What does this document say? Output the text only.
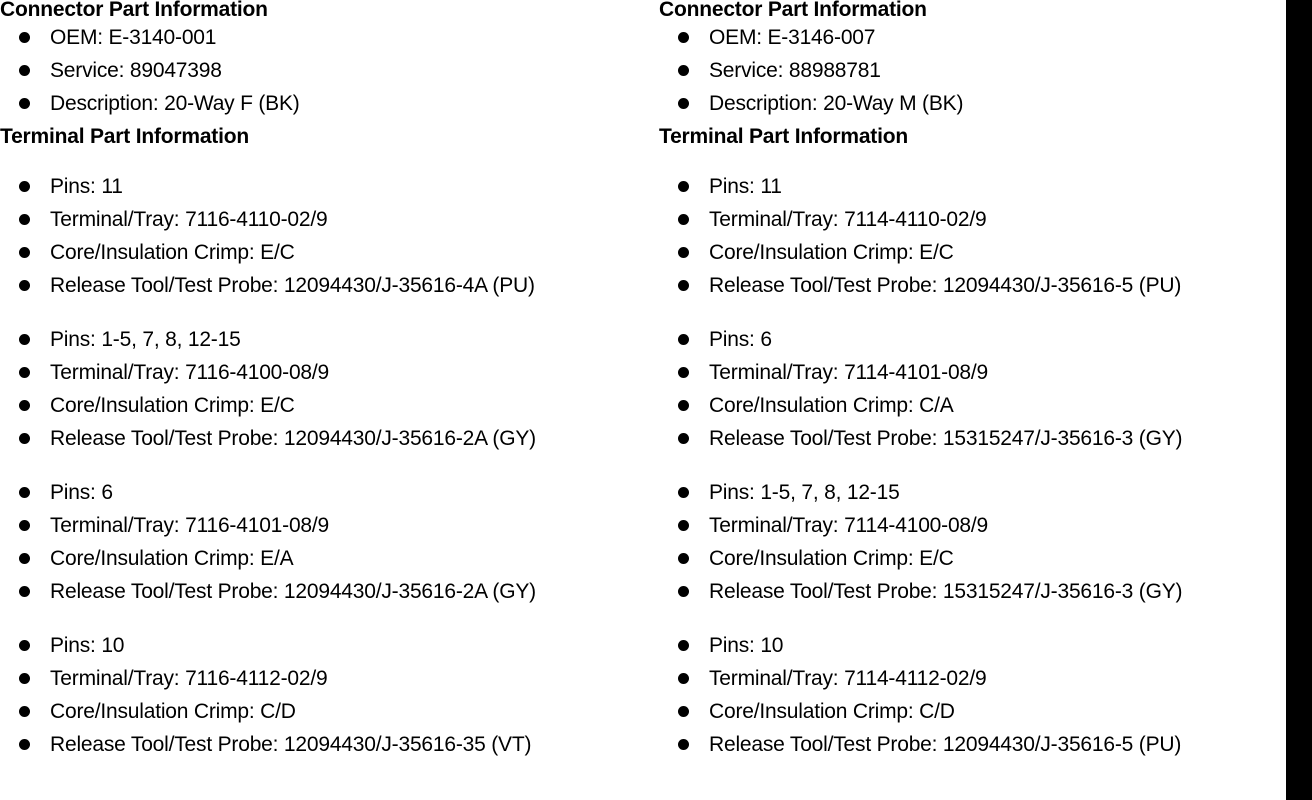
Connector Part Information
OEM: E-3140-001
Service: 89047398
Description: 20-Way F (BK)
Terminal Part Information
Pins: 11
Terminal/Tray: 7116-4110-02/9
Core/Insulation Crimp: E/C
Release Tool/Test Probe: 12094430/J-35616-4A (PU)
Pins: 1-5, 7, 8, 12-15
Terminal/Tray: 7116-4100-08/9
Core/Insulation Crimp: E/C
Release Tool/Test Probe: 12094430/J-35616-2A (GY)
Pins: 6
Terminal/Tray: 7116-4101-08/9
Core/Insulation Crimp: E/A
Release Tool/Test Probe: 12094430/J-35616-2A (GY)
Pins: 10
Terminal/Tray: 7116-4112-02/9
Core/Insulation Crimp: C/D
Release Tool/Test Probe: 12094430/J-35616-35 (VT)
Connector Part Information
OEM: E-3146-007
Service: 88988781
Description: 20-Way M (BK)
Terminal Part Information
Pins: 11
Terminal/Tray: 7114-4110-02/9
Core/Insulation Crimp: E/C
Release Tool/Test Probe: 12094430/J-35616-5 (PU)
Pins: 6
Terminal/Tray: 7114-4101-08/9
Core/Insulation Crimp: C/A
Release Tool/Test Probe: 15315247/J-35616-3 (GY)
Pins: 1-5, 7, 8, 12-15
Terminal/Tray: 7114-4100-08/9
Core/Insulation Crimp: E/C
Release Tool/Test Probe: 15315247/J-35616-3 (GY)
Pins: 10
Terminal/Tray: 7114-4112-02/9
Core/Insulation Crimp: C/D
Release Tool/Test Probe: 12094430/J-35616-5 (PU)
